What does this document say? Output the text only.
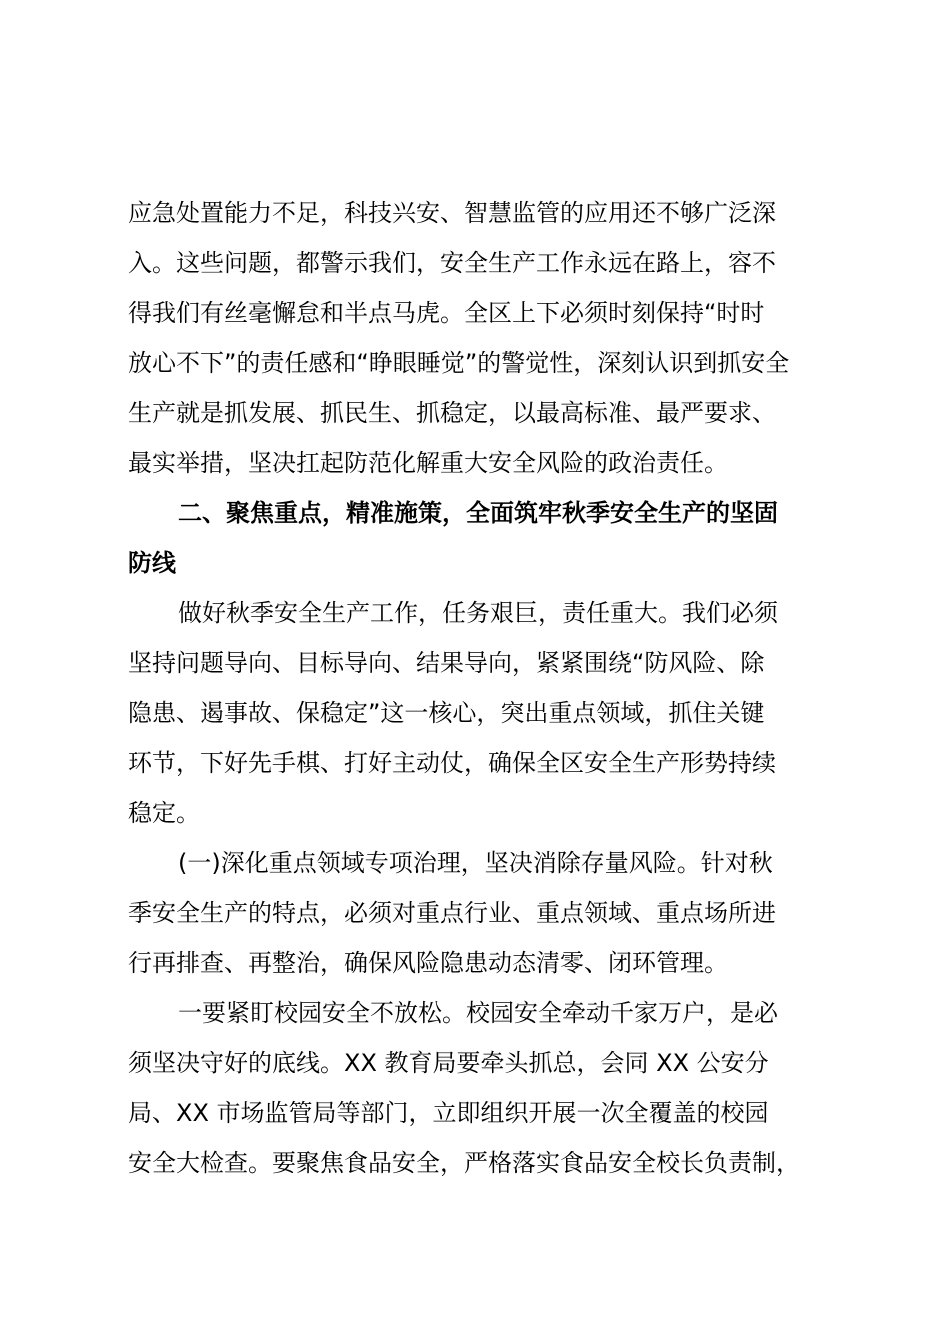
应急处置能力不足，科技兴安、智慧监管的应用还不够广泛深
入。这些问题，都警示我们，安全生产工作永远在路上，容不
得我们有丝毫懈怠和半点马虎。全区上下必须时刻保持“时时
放心不下”的责任感和“睁眼睡觉”的警觉性，深刻认识到抓安全
生产就是抓发展、抓民生、抓稳定，以最高标准、最严要求、
最实举措，坚决扛起防范化解重大安全风险的政治责任。
二、聚焦重点，精准施策，全面筑牢秋季安全生产的坚固
防线
做好秋季安全生产工作，任务艰巨，责任重大。我们必须
坚持问题导向、目标导向、结果导向，紧紧围绕“防风险、除
隐患、遏事故、保稳定”这一核心，突出重点领域，抓住关键
环节，下好先手棋、打好主动仗，确保全区安全生产形势持续
稳定。
(一)深化重点领域专项治理，坚决消除存量风险。针对秋
季安全生产的特点，必须对重点行业、重点领域、重点场所进
行再排查、再整治，确保风险隐患动态清零、闭环管理。
一要紧盯校园安全不放松。校园安全牵动千家万户，是必
须坚决守好的底线。XX 教育局要牵头抓总，会同 XX 公安分
局、XX 市场监管局等部门，立即组织开展一次全覆盖的校园
安全大检查。要聚焦食品安全，严格落实食品安全校长负责制，
